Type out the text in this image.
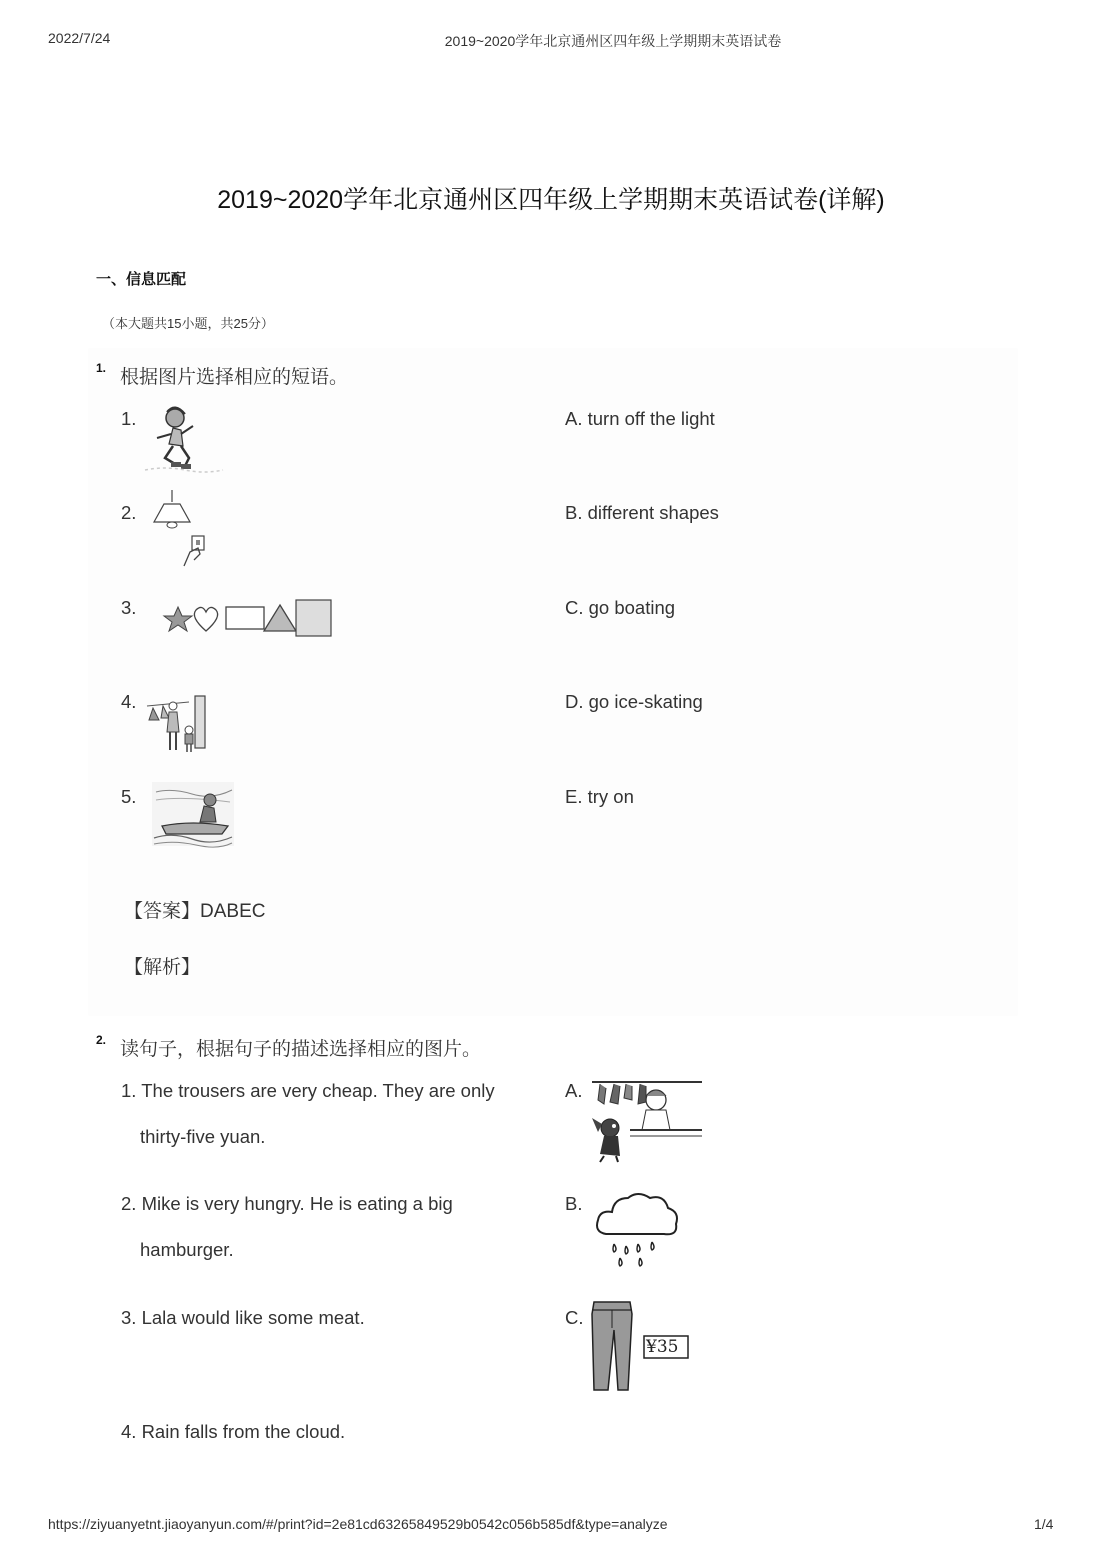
2022/7/24	2019~2020学年北京通州区四年级上学期期末英语试卷
2019~2020学年北京通州区四年级上学期期末英语试卷(详解)
一、信息匹配
（本大题共15小题，共25分）
1. 根据图片选择相应的短语。
1.
2.
3.
4.
5.
A. turn off the light
B. different shapes
C. go boating
D. go ice-skating
E. try on
【答案】DABEC
【解析】
2. 读句子，根据句子的描述选择相应的图片。
1. The trousers are very cheap. They are only
thirty-five yuan.
2. Mike is very hungry. He is eating a big
hamburger.
3. Lala would like some meat.
4. Rain falls from the cloud.
A.
B.
C.
¥35
https://ziyuanyetnt.jiaoyanyun.com/#/print?id=2e81cd63265849529b0542c056b585df&type=analyze	1/4
